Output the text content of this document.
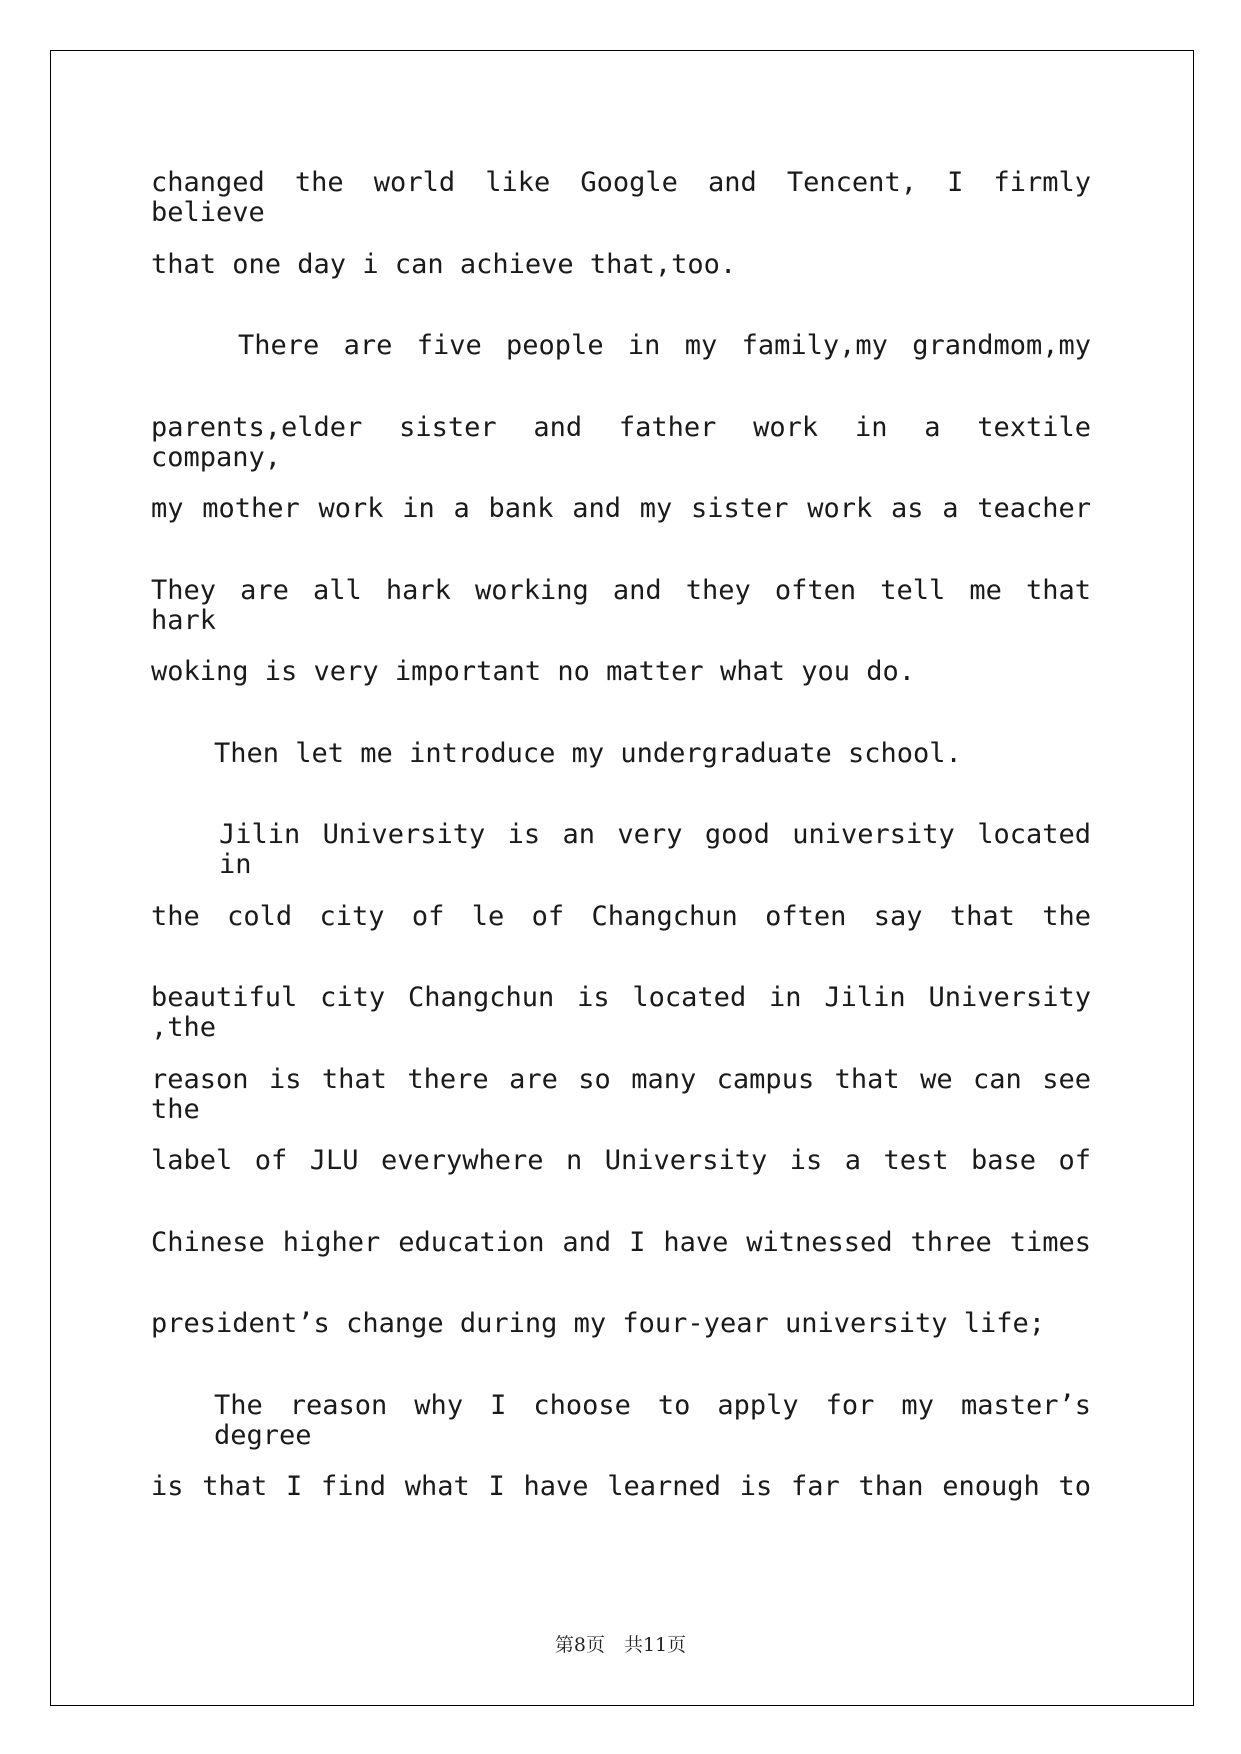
changed the world like Google and Tencent, I firmly believe
that one day i can achieve that,too.
There are five people in my family,my grandmom,my
parents,elder sister and father work in a textile company,
my mother work in a bank and my sister work as a teacher
They are all hark working and they often tell me that hark
woking is very important no matter what you do.
Then let me introduce my undergraduate school.
Jilin University is an very good university located in
the cold city of le of Changchun often say that the
beautiful city Changchun is located in Jilin University ,the
reason is that there are so many campus that we can see the
label of JLU everywhere n University is a test base of
Chinese higher education and I have witnessed three times
president’s change during my four-year university life;
The reason why I choose to apply for my master’s degree
is that I find what I have learned is far than enough to
第8页　共11页
